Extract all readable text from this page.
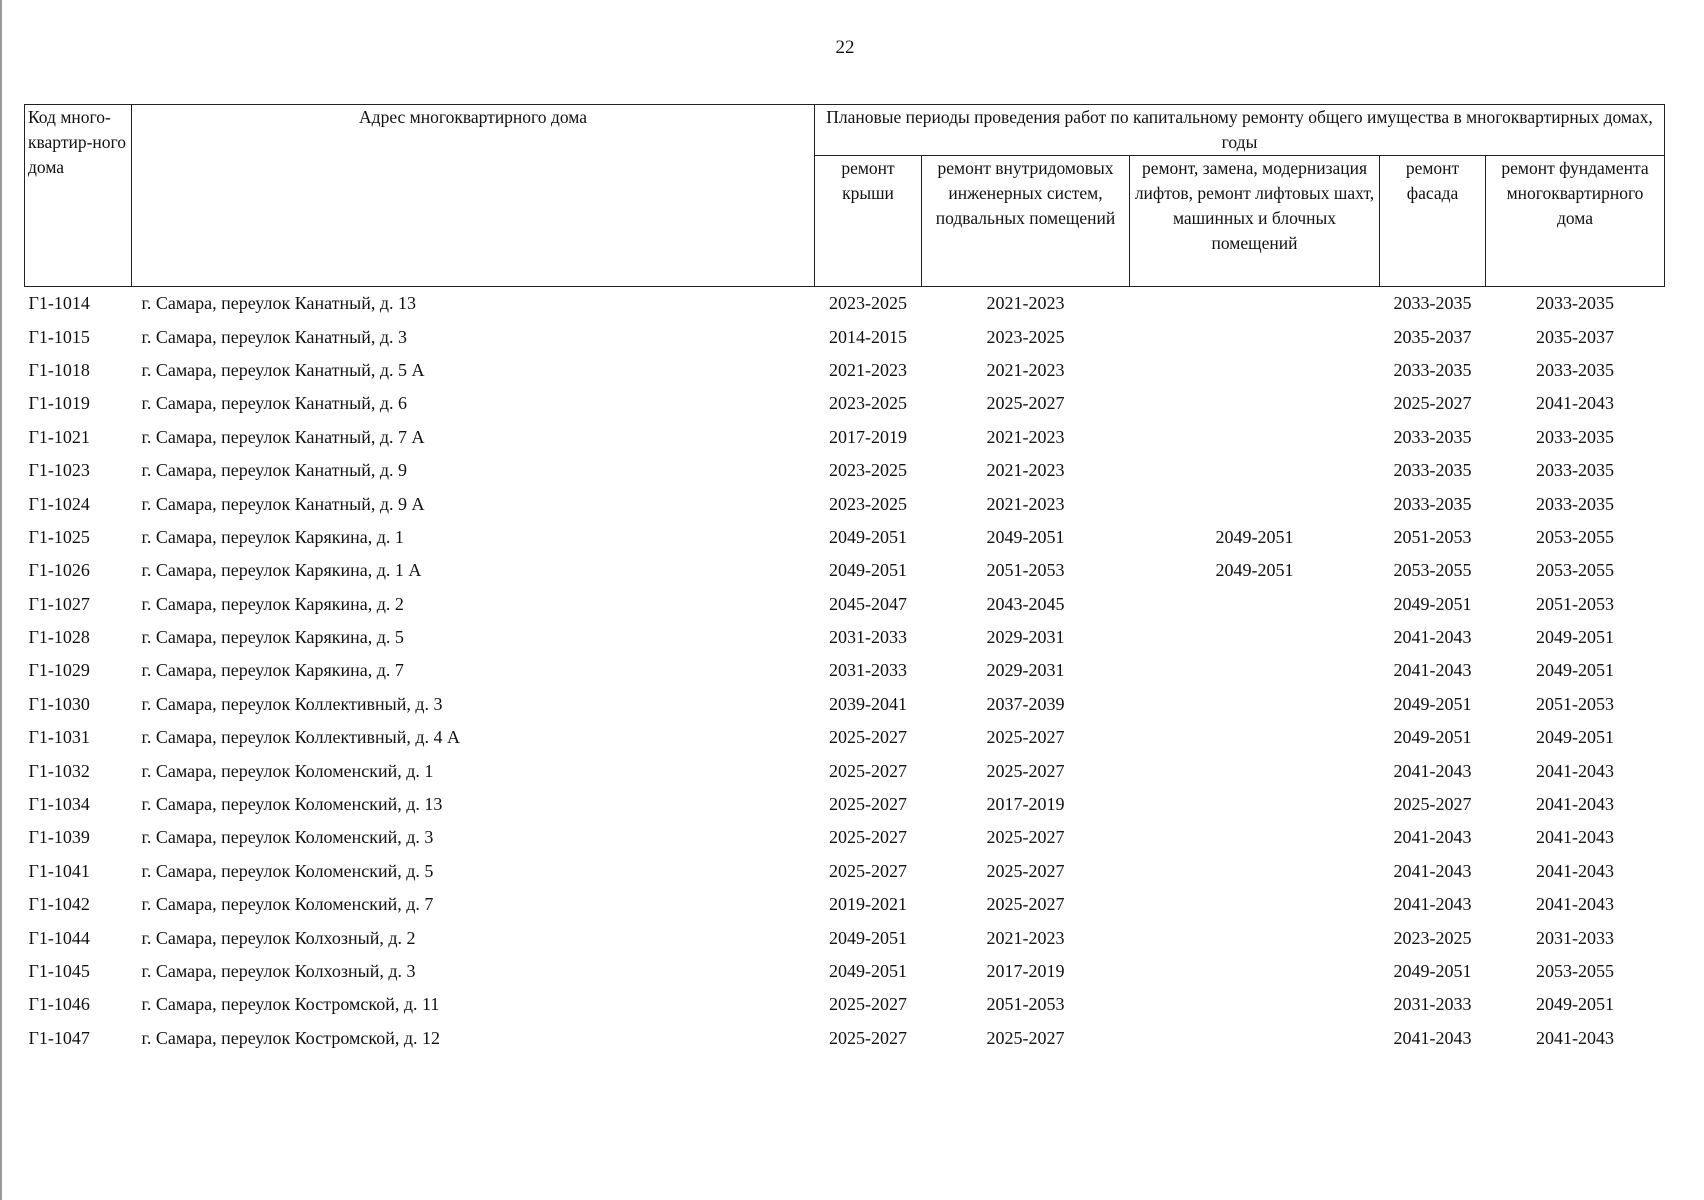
22
Код много-квартир-ного дома	Адрес многоквартирного дома	Плановые периоды проведения работ по капитальному ремонту общего имущества в многоквартирных домах, годы				
		ремонт крыши	ремонт внутридомовых инженерных систем, подвальных помещений	ремонт, замена, модернизация лифтов, ремонт лифтовых шахт, машинных и блочных помещений	ремонт фасада	ремонт фундамента многоквартирного дома
Г1-1014	г. Самара, переулок Канатный, д. 13	2023-2025	2021-2023		2033-2035	2033-2035
Г1-1015	г. Самара, переулок Канатный, д. 3	2014-2015	2023-2025		2035-2037	2035-2037
Г1-1018	г. Самара, переулок Канатный, д. 5 А	2021-2023	2021-2023		2033-2035	2033-2035
Г1-1019	г. Самара, переулок Канатный, д. 6	2023-2025	2025-2027		2025-2027	2041-2043
Г1-1021	г. Самара, переулок Канатный, д. 7 А	2017-2019	2021-2023		2033-2035	2033-2035
Г1-1023	г. Самара, переулок Канатный, д. 9	2023-2025	2021-2023		2033-2035	2033-2035
Г1-1024	г. Самара, переулок Канатный, д. 9 А	2023-2025	2021-2023		2033-2035	2033-2035
Г1-1025	г. Самара, переулок Карякина, д. 1	2049-2051	2049-2051	2049-2051	2051-2053	2053-2055
Г1-1026	г. Самара, переулок Карякина, д. 1 А	2049-2051	2051-2053	2049-2051	2053-2055	2053-2055
Г1-1027	г. Самара, переулок Карякина, д. 2	2045-2047	2043-2045		2049-2051	2051-2053
Г1-1028	г. Самара, переулок Карякина, д. 5	2031-2033	2029-2031		2041-2043	2049-2051
Г1-1029	г. Самара, переулок Карякина, д. 7	2031-2033	2029-2031		2041-2043	2049-2051
Г1-1030	г. Самара, переулок Коллективный, д. 3	2039-2041	2037-2039		2049-2051	2051-2053
Г1-1031	г. Самара, переулок Коллективный, д. 4 А	2025-2027	2025-2027		2049-2051	2049-2051
Г1-1032	г. Самара, переулок Коломенский, д. 1	2025-2027	2025-2027		2041-2043	2041-2043
Г1-1034	г. Самара, переулок Коломенский, д. 13	2025-2027	2017-2019		2025-2027	2041-2043
Г1-1039	г. Самара, переулок Коломенский, д. 3	2025-2027	2025-2027		2041-2043	2041-2043
Г1-1041	г. Самара, переулок Коломенский, д. 5	2025-2027	2025-2027		2041-2043	2041-2043
Г1-1042	г. Самара, переулок Коломенский, д. 7	2019-2021	2025-2027		2041-2043	2041-2043
Г1-1044	г. Самара, переулок Колхозный, д. 2	2049-2051	2021-2023		2023-2025	2031-2033
Г1-1045	г. Самара, переулок Колхозный, д. 3	2049-2051	2017-2019		2049-2051	2053-2055
Г1-1046	г. Самара, переулок Костромской, д. 11	2025-2027	2051-2053		2031-2033	2049-2051
Г1-1047	г. Самара, переулок Костромской, д. 12	2025-2027	2025-2027		2041-2043	2041-2043
